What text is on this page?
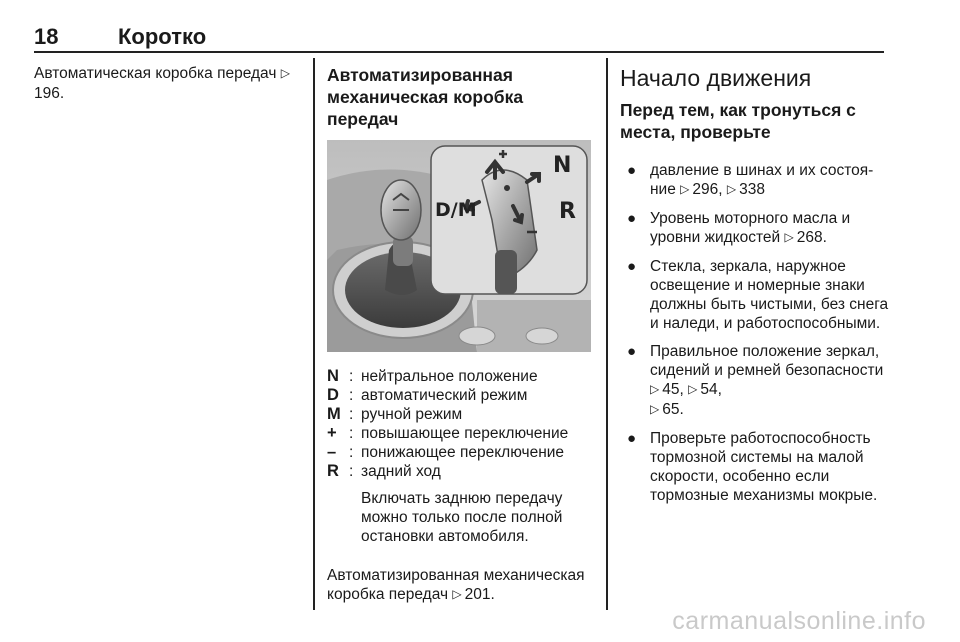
18	Коротко
Автоматическая коробка передач ▷196.
Автоматизированная
механическая коробка передач
N
D/M	R
N : нейтральное положение
D : автоматический режим
M : ручной режим
+ : повышающее переключение
– : понижающее переключение
R : задний ход
Включать заднюю передачу можно только после полной остановки автомобиля.
Автоматизированная механическая коробка передач ▷ 201.
Начало движения
Перед тем, как тронуться с места, проверьте
● давление в шинах и их состояние ▷ 296, ▷ 338
● Уровень моторного масла и уровни жидкостей ▷ 268.
● Стекла, зеркала, наружное освещение и номерные знаки должны быть чистыми, без снега и наледи, и работоспособными.
● Правильное положение зеркал, сидений и ремней безопасности ▷ 45, ▷ 54,
▷ 65.
● Проверьте работоспособность тормозной системы на малой скорости, особенно если тормозные механизмы мокрые.
carmanualsonline.info
